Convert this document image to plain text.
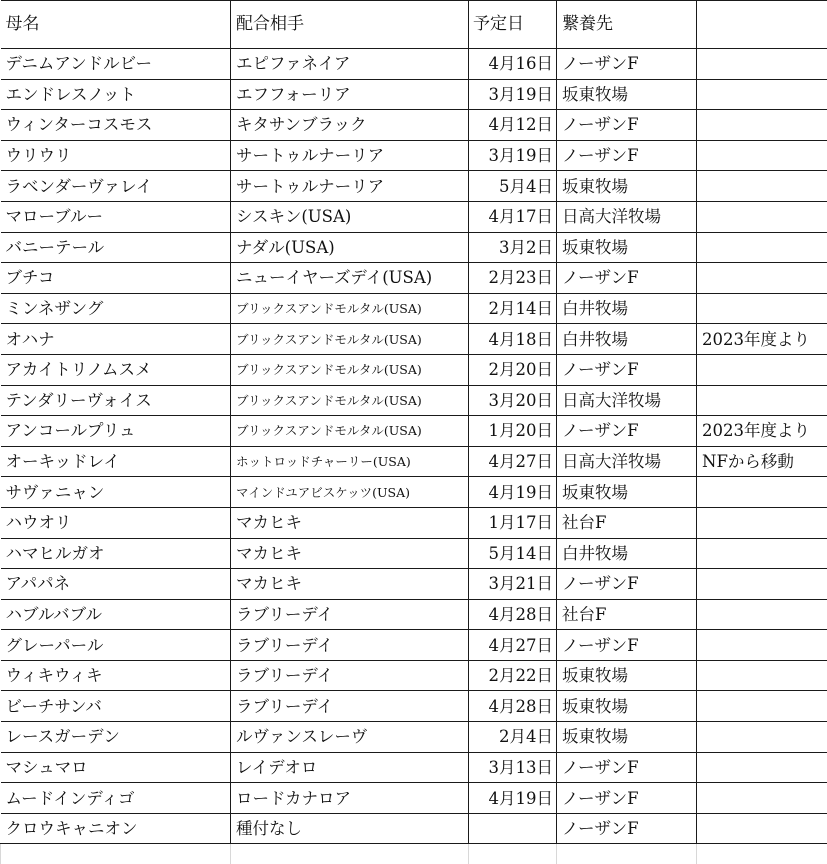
母名	配合相手	予定日	繋養先	
デニムアンドルビー	エピファネイア	4月16日	ノーザンF	
エンドレスノット	エフフォーリア	3月19日	坂東牧場	
ウィンターコスモス	キタサンブラック	4月12日	ノーザンF	
ウリウリ	サートゥルナーリア	3月19日	ノーザンF	
ラベンダーヴァレイ	サートゥルナーリア	5月4日	坂東牧場	
マローブルー	シスキン(USA)	4月17日	日高大洋牧場	
バニーテール	ナダル(USA)	3月2日	坂東牧場	
ブチコ	ニューイヤーズデイ(USA)	2月23日	ノーザンF	
ミンネザング	ブリックスアンドモルタル(USA)	2月14日	白井牧場	
オハナ	ブリックスアンドモルタル(USA)	4月18日	白井牧場	2023年度より
アカイトリノムスメ	ブリックスアンドモルタル(USA)	2月20日	ノーザンF	
テンダリーヴォイス	ブリックスアンドモルタル(USA)	3月20日	日高大洋牧場	
アンコールプリュ	ブリックスアンドモルタル(USA)	1月20日	ノーザンF	2023年度より
オーキッドレイ	ホットロッドチャーリー(USA)	4月27日	日高大洋牧場	NFから移動
サヴァニャン	マインドユアビスケッツ(USA)	4月19日	坂東牧場	
ハウオリ	マカヒキ	1月17日	社台F	
ハマヒルガオ	マカヒキ	5月14日	白井牧場	
アパパネ	マカヒキ	3月21日	ノーザンF	
ハブルバブル	ラブリーデイ	4月28日	社台F	
グレーパール	ラブリーデイ	4月27日	ノーザンF	
ウィキウィキ	ラブリーデイ	2月22日	坂東牧場	
ビーチサンバ	ラブリーデイ	4月28日	坂東牧場	
レースガーデン	ルヴァンスレーヴ	2月4日	坂東牧場	
マシュマロ	レイデオロ	3月13日	ノーザンF	
ムードインディゴ	ロードカナロア	4月19日	ノーザンF	
クロウキャニオン	種付なし		ノーザンF	
